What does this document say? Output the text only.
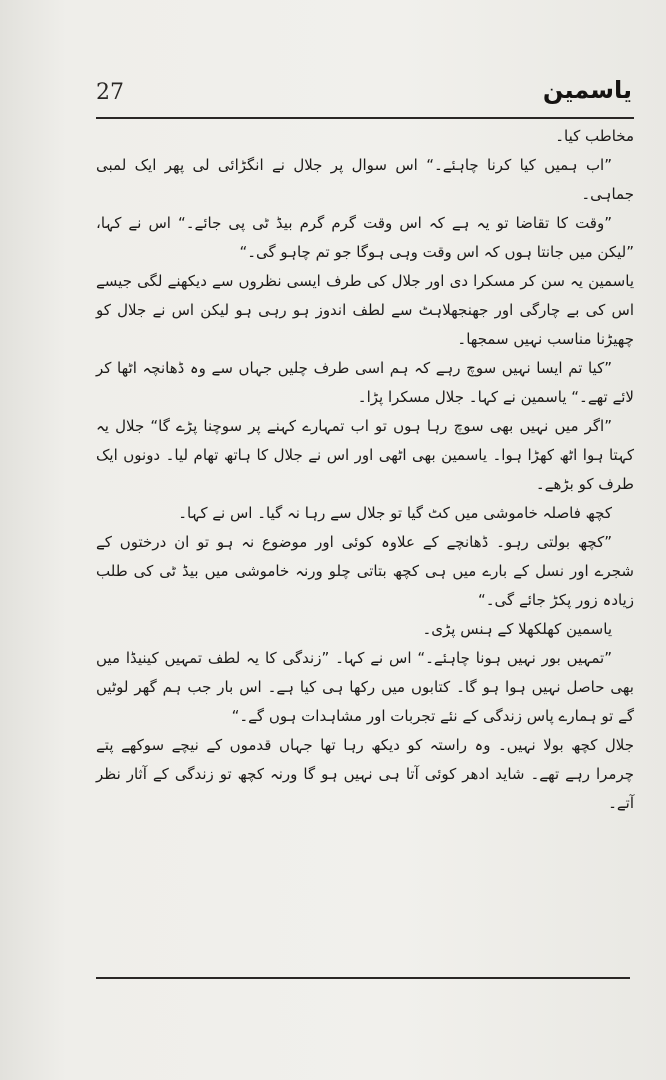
27	یاسمین

مخاطب کیا۔

”اب ہمیں کیا کرنا چاہئے۔“ اس سوال پر جلال نے انگڑائی لی پھر ایک لمبی جماہی۔

”وقت کا تقاضا تو یہ ہے کہ اس وقت گرم گرم بیڈ ٹی پی جائے۔“ اس نے کہا، ”لیکن میں جانتا ہوں کہ اس وقت وہی ہوگا جو تم چاہو گی۔“

یاسمین یہ سن کر مسکرا دی اور جلال کی طرف ایسی نظروں سے دیکھنے لگی جیسے اس کی بے چارگی اور جھنجھلاہٹ سے لطف اندوز ہو رہی ہو لیکن اس نے جلال کو چھیڑنا مناسب نہیں سمجھا۔

”کیا تم ایسا نہیں سوچ رہے کہ ہم اسی طرف چلیں جہاں سے وہ ڈھانچہ اٹھا کر لائے تھے۔“ یاسمین نے کہا۔ جلال مسکرا پڑا۔

”اگر میں نہیں بھی سوچ رہا ہوں تو اب تمہارے کہنے پر سوچنا پڑے گا“ جلال یہ کہتا ہوا اٹھ کھڑا ہوا۔ یاسمین بھی اٹھی اور اس نے جلال کا ہاتھ تھام لیا۔ دونوں ایک طرف کو بڑھے۔

کچھ فاصلہ خاموشی میں کٹ گیا تو جلال سے رہا نہ گیا۔ اس نے کہا۔

”کچھ بولتی رہو۔ ڈھانچے کے علاوہ کوئی اور موضوع نہ ہو تو ان درختوں کے شجرے اور نسل کے بارے میں ہی کچھ بتاتی چلو ورنہ خاموشی میں بیڈ ٹی کی طلب زیادہ زور پکڑ جائے گی۔“

یاسمین کھلکھلا کے ہنس پڑی۔

”تمہیں بور نہیں ہونا چاہئے۔“ اس نے کہا۔ ”زندگی کا یہ لطف تمہیں کینیڈا میں بھی حاصل نہیں ہوا ہو گا۔ کتابوں میں رکھا ہی کیا ہے۔ اس بار جب ہم گھر لوٹیں گے تو ہمارے پاس زندگی کے نئے تجربات اور مشاہدات ہوں گے۔“

جلال کچھ بولا نہیں۔ وہ راستہ کو دیکھ رہا تھا جہاں قدموں کے نیچے سوکھے پتے چرمرا رہے تھے۔ شاید ادھر کوئی آتا ہی نہیں ہو گا ورنہ کچھ تو زندگی کے آثار نظر آتے۔
